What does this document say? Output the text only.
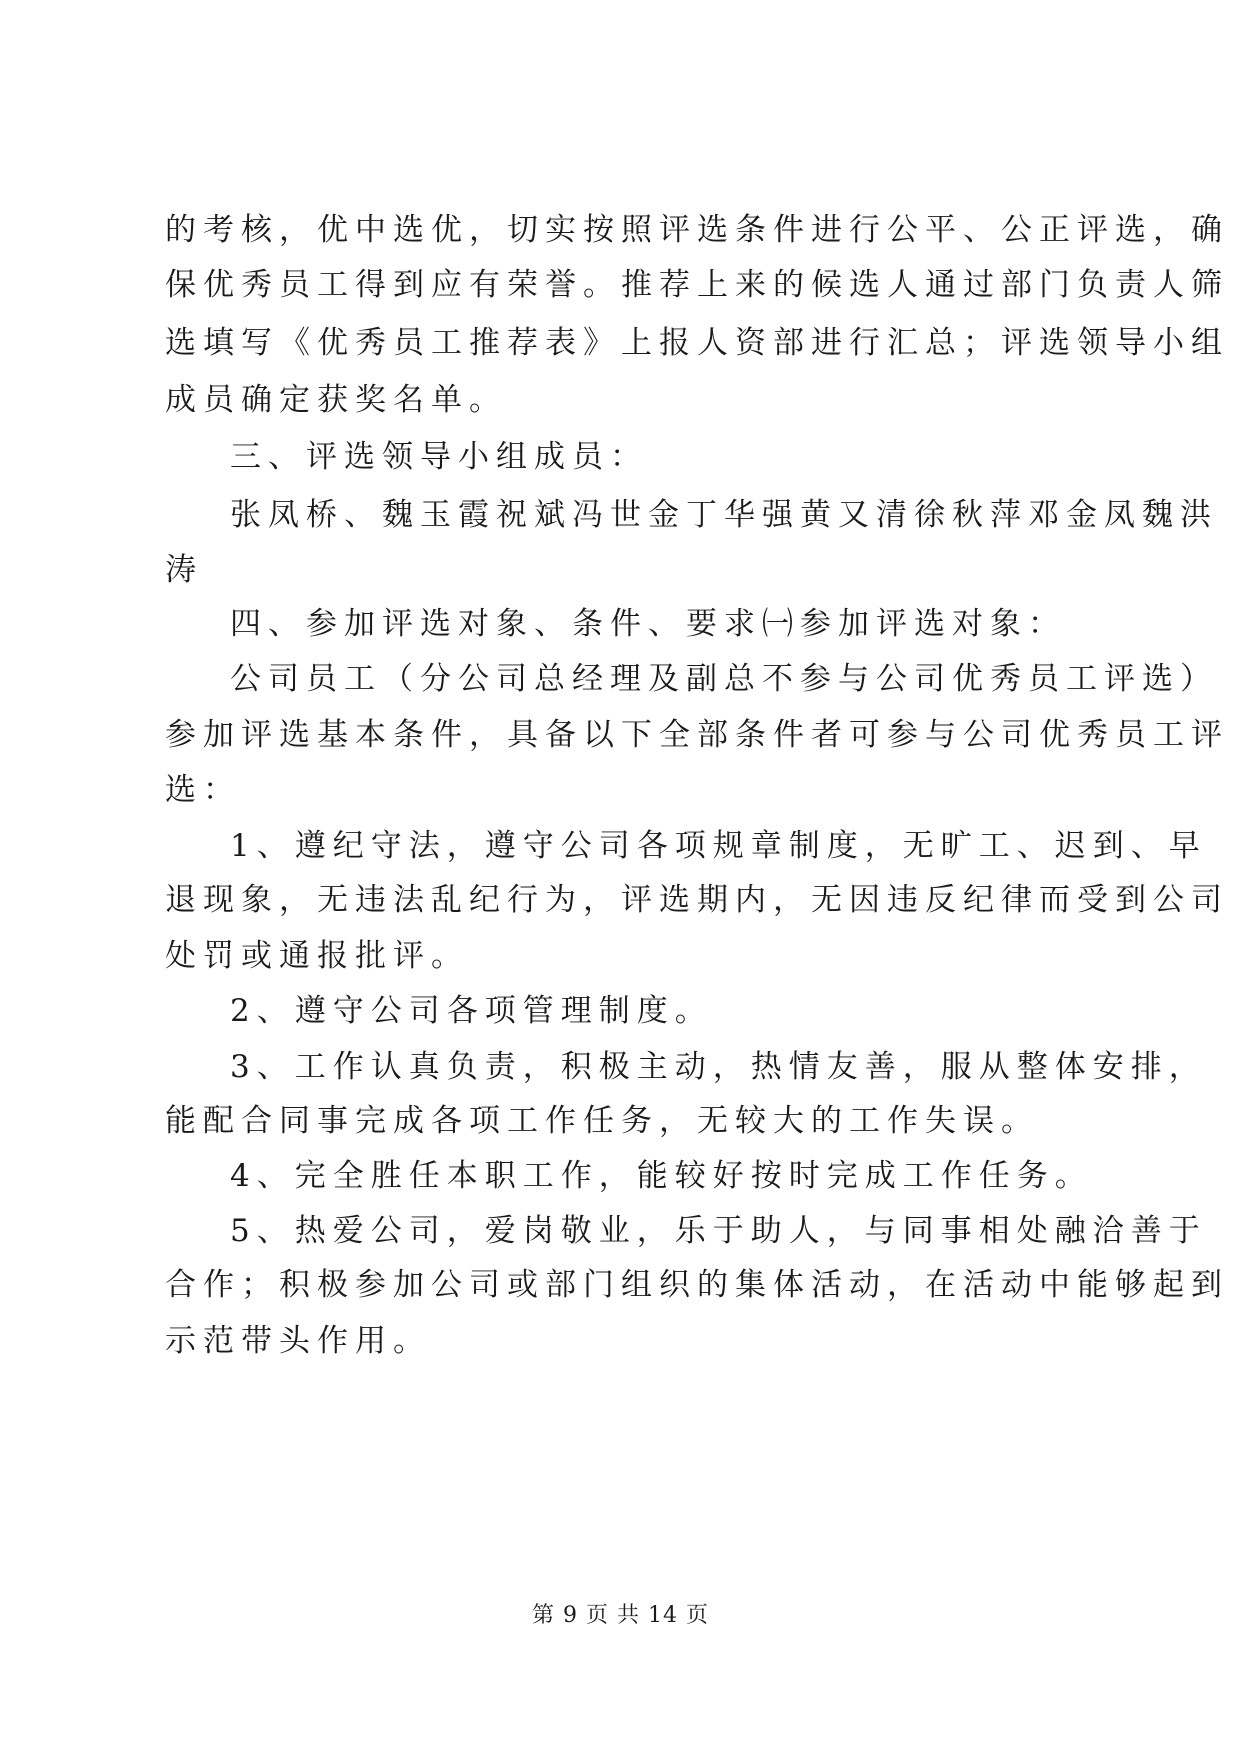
的考核，优中选优，切实按照评选条件进行公平、公正评选，确
保优秀员工得到应有荣誉。推荐上来的候选人通过部门负责人筛
选填写《优秀员工推荐表》上报人资部进行汇总；评选领导小组
成员确定获奖名单。
三、评选领导小组成员：
张凤桥、魏玉霞祝斌冯世金丁华强黄又清徐秋萍邓金凤魏洪
涛
四、参加评选对象、条件、要求㈠参加评选对象：
公司员工（分公司总经理及副总不参与公司优秀员工评选）
参加评选基本条件，具备以下全部条件者可参与公司优秀员工评
选：
1、遵纪守法，遵守公司各项规章制度，无旷工、迟到、早
退现象，无违法乱纪行为，评选期内，无因违反纪律而受到公司
处罚或通报批评。
2、遵守公司各项管理制度。
3、工作认真负责，积极主动，热情友善，服从整体安排，
能配合同事完成各项工作任务，无较大的工作失误。
4、完全胜任本职工作，能较好按时完成工作任务。
5、热爱公司，爱岗敬业，乐于助人，与同事相处融洽善于
合作；积极参加公司或部门组织的集体活动，在活动中能够起到
示范带头作用。
第 9 页 共 14 页
